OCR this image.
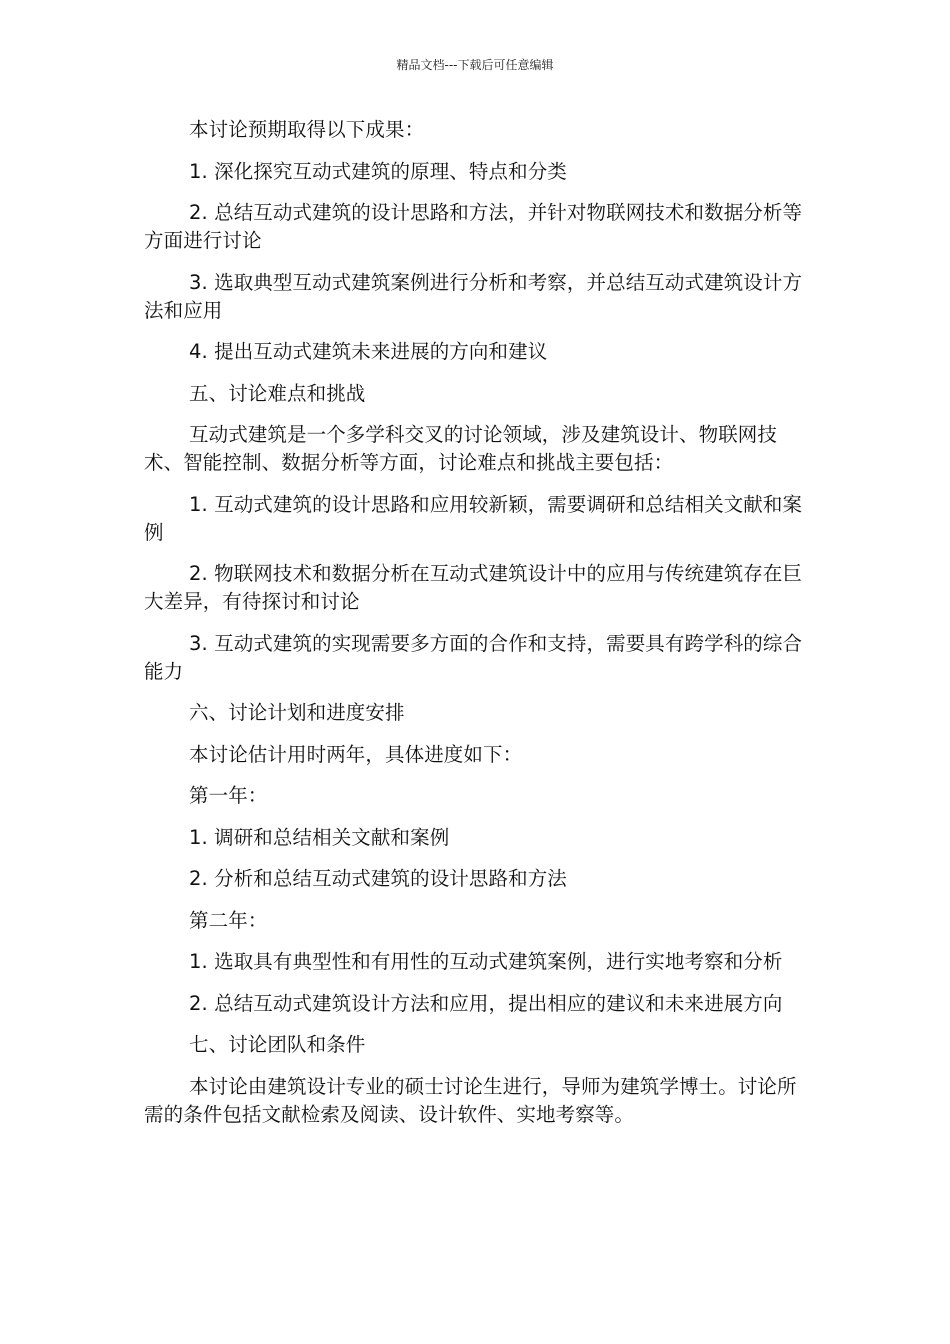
精品文档---下载后可任意编辑

本讨论预期取得以下成果：

1. 深化探究互动式建筑的原理、特点和分类

2. 总结互动式建筑的设计思路和方法，并针对物联网技术和数据分析等方面进行讨论

3. 选取典型互动式建筑案例进行分析和考察，并总结互动式建筑设计方法和应用

4. 提出互动式建筑未来进展的方向和建议

五、讨论难点和挑战

互动式建筑是一个多学科交叉的讨论领域，涉及建筑设计、物联网技术、智能控制、数据分析等方面，讨论难点和挑战主要包括：

1. 互动式建筑的设计思路和应用较新颖，需要调研和总结相关文献和案例

2. 物联网技术和数据分析在互动式建筑设计中的应用与传统建筑存在巨大差异，有待探讨和讨论

3. 互动式建筑的实现需要多方面的合作和支持，需要具有跨学科的综合能力

六、讨论计划和进度安排

本讨论估计用时两年，具体进度如下：

第一年：

1. 调研和总结相关文献和案例

2. 分析和总结互动式建筑的设计思路和方法

第二年：

1. 选取具有典型性和有用性的互动式建筑案例，进行实地考察和分析

2. 总结互动式建筑设计方法和应用，提出相应的建议和未来进展方向

七、讨论团队和条件

本讨论由建筑设计专业的硕士讨论生进行，导师为建筑学博士。讨论所需的条件包括文献检索及阅读、设计软件、实地考察等。
